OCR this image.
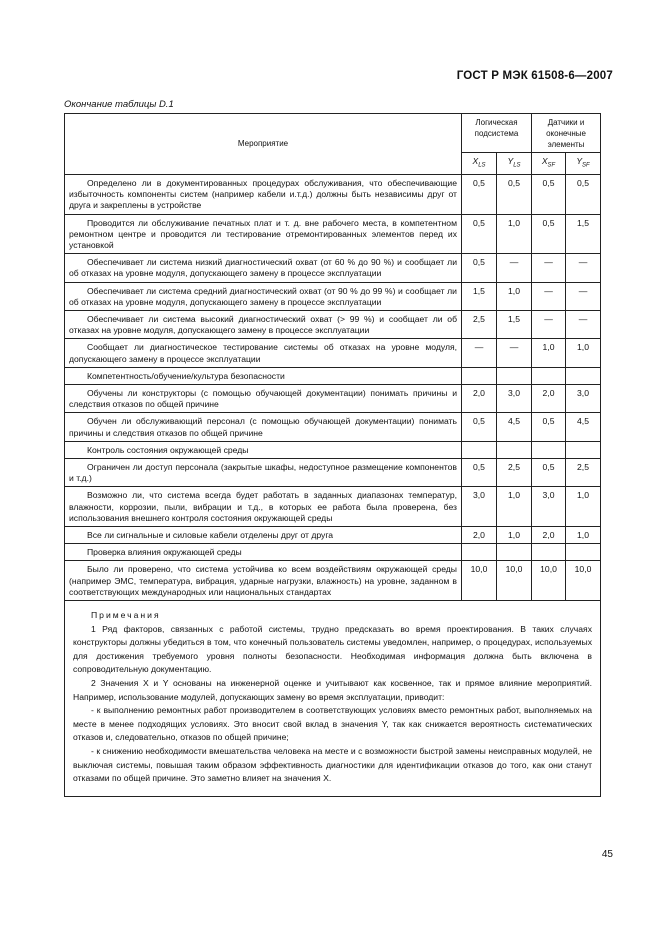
ГОСТ Р МЭК 61508-6—2007
Окончание таблицы D.1
Мероприятие	Логическая подсистема		Датчики и оконечные элементы	
	$X_{LS}$	$Y_{LS}$	$X_{SF}$	$Y_{SF}$
Определено ли в документированных процедурах обслуживания, что обеспечивающие избыточность компоненты систем (например кабели и.т.д.) должны быть независимы друг от друга и закреплены в устройстве	0,5	0,5	0,5	0,5
Проводится ли обслуживание печатных плат и т. д. вне рабочего места, в компетентном ремонтном центре и проводится ли тестирование отремонтированных элементов перед их установкой	0,5	1,0	0,5	1,5
Обеспечивает ли система низкий диагностический охват (от 60 % до 90 %) и сообщает ли об отказах на уровне модуля, допускающего замену в процессе эксплуатации	0,5	—	—	—
Обеспечивает ли система средний диагностический охват (от 90 % до 99 %) и сообщает ли об отказах на уровне модуля, допускающего замену в процессе эксплуатации	1,5	1,0	—	—
Обеспечивает ли система высокий диагностический охват (> 99 %) и сообщает ли об отказах на уровне модуля, допускающего замену в процессе эксплуатации	2,5	1,5	—	—
Сообщает ли диагностическое тестирование системы об отказах на уровне модуля, допускающего замену в процессе эксплуатации	—	—	1,0	1,0
Компетентность/обучение/культура безопасности				
Обучены ли конструкторы (с помощью обучающей документации) понимать причины и следствия отказов по общей причине	2,0	3,0	2,0	3,0
Обучен ли обслуживающий персонал (с помощью обучающей документации) понимать причины и следствия отказов по общей причине	0,5	4,5	0,5	4,5
Контроль состояния окружающей среды				
Ограничен ли доступ персонала (закрытые шкафы, недоступное размещение компонентов и т.д.)	0,5	2,5	0,5	2,5
Возможно ли, что система всегда будет работать в заданных диапазонах температур, влажности, коррозии, пыли, вибрации и т.д., в которых ее работа была проверена, без использования внешнего контроля состояния окружающей среды	3,0	1,0	3,0	1,0
Все ли сигнальные и силовые кабели отделены друг от друга	2,0	1,0	2,0	1,0
Проверка влияния окружающей среды				
Было ли проверено, что система устойчива ко всем воздействиям окружающей среды (например ЭМС, температура, вибрация, ударные нагрузки, влажность) на уровне, заданном в соответствующих международных или национальных стандартах	10,0	10,0	10,0	10,0

Примечания

1 Ряд факторов, связанных с работой системы, трудно предсказать во время проектирования. В таких случаях конструкторы должны убедиться в том, что конечный пользователь системы уведомлен, например, о процедурах, используемых для достижения требуемого уровня полноты безопасности. Необходимая информация должна быть включена в сопроводительную документацию.

2 Значения X и Y основаны на инженерной оценке и учитывают как косвенное, так и прямое влияние мероприятий. Например, использование модулей, допускающих замену во время эксплуатации, приводит:

- к выполнению ремонтных работ производителем в соответствующих условиях вместо ремонтных работ, выполняемых на месте в менее подходящих условиях. Это вносит свой вклад в значения Y, так как снижается вероятность систематических отказов и, следовательно, отказов по общей причине;

- к снижению необходимости вмешательства человека на месте и с возможности быстрой замены неисправных модулей, не выключая системы, повышая таким образом эффективность диагностики для идентификации отказов до того, как они станут отказами по общей причине. Это заметно влияет на значения X.				

45
